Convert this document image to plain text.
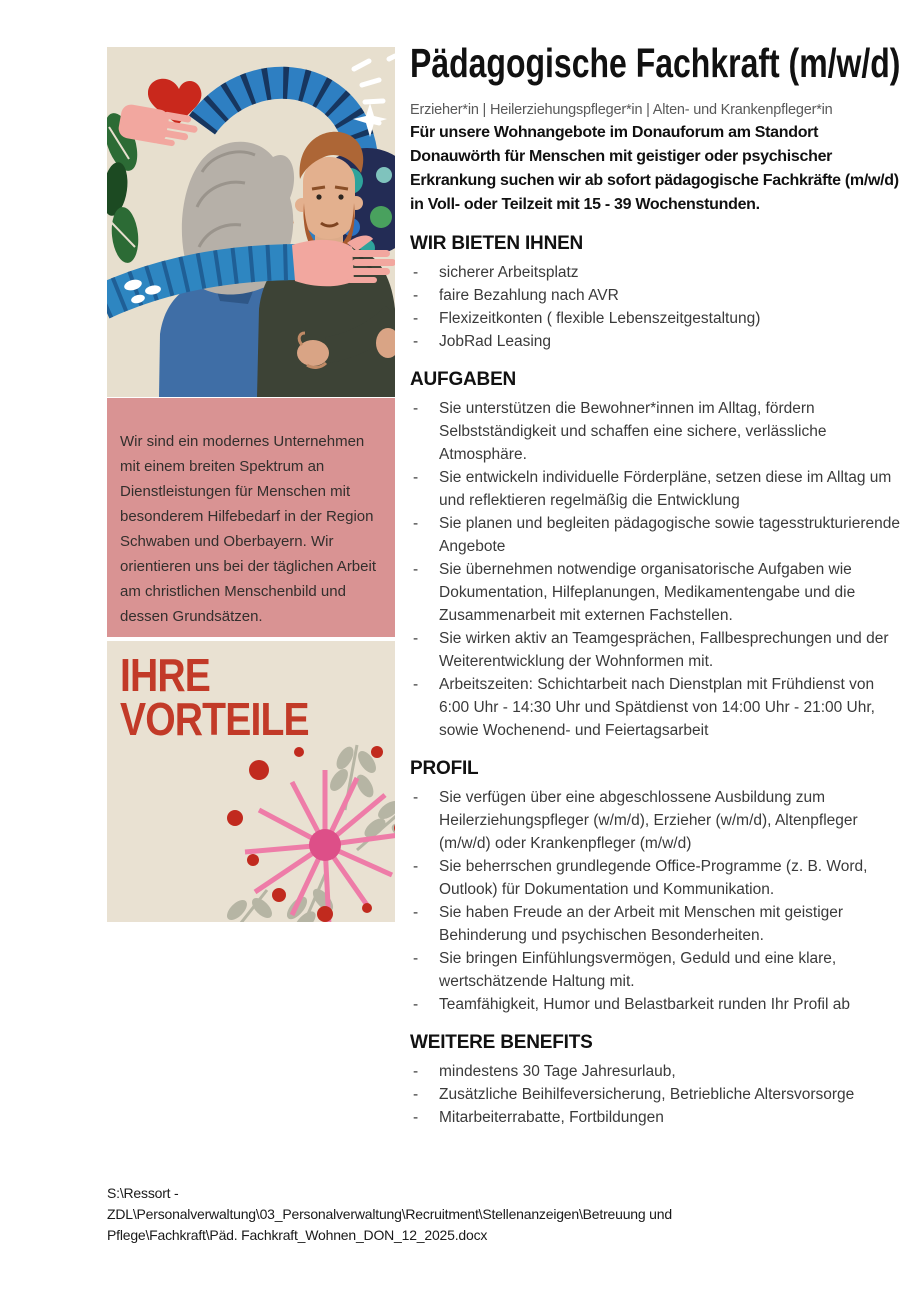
Wir sind ein modernes Unternehmen mit einem breiten Spektrum an Dienstleistungen für Menschen mit besonderem Hilfebedarf in der Region Schwaben und Oberbayern. Wir orientieren uns bei der täglichen Arbeit am christlichen Menschenbild und dessen Grundsätzen.

IHRE VORTEILE
Pädagogische Fachkraft (m/w/d)
Erzieher*in | Heilerziehungspfleger*in | Alten- und Krankenpfleger*in

Für unsere Wohnangebote im Donauforum am Standort Donauwörth für Menschen mit geistiger oder psychischer Erkrankung suchen wir ab sofort pädagogische Fachkräfte (m/w/d) in Voll- oder Teilzeit mit 15 - 39 Wochenstunden.

WIR BIETEN IHNEN
-	sicherer Arbeitsplatz
-	faire Bezahlung nach AVR
-	Flexizeitkonten ( flexible Lebenszeitgestaltung)
-	JobRad Leasing
AUFGABEN
-	Sie unterstützen die Bewohner*innen im Alltag, fördern Selbstständigkeit und schaffen eine sichere, verlässliche Atmosphäre.
-	Sie entwickeln individuelle Förderpläne, setzen diese im Alltag um und reflektieren regelmäßig die Entwicklung
-	Sie planen und begleiten pädagogische sowie tagesstrukturierende Angebote
-	Sie übernehmen notwendige organisatorische Aufgaben wie Dokumentation, Hilfeplanungen, Medikamentengabe und die Zusammenarbeit mit externen Fachstellen.
-	Sie wirken aktiv an Teamgesprächen, Fallbesprechungen und der Weiterentwicklung der Wohnformen mit.
-	Arbeitszeiten: Schichtarbeit nach Dienstplan mit Frühdienst von 6:00 Uhr - 14:30 Uhr und Spätdienst von 14:00 Uhr - 21:00 Uhr, sowie Wochenend- und Feiertagsarbeit
PROFIL
-	Sie verfügen über eine abgeschlossene Ausbildung zum Heilerziehungspfleger (w/m/d), Erzieher (w/m/d), Altenpfleger (m/w/d) oder Krankenpfleger (m/w/d)
-	Sie beherrschen grundlegende Office-Programme (z. B. Word, Outlook) für Dokumentation und Kommunikation.
-	Sie haben Freude an der Arbeit mit Menschen mit geistiger Behinderung und psychischen Besonderheiten.
-	Sie bringen Einfühlungsvermögen, Geduld und eine klare, wertschätzende Haltung mit.
-	Teamfähigkeit, Humor und Belastbarkeit runden Ihr Profil ab
WEITERE BENEFITS
-	mindestens 30 Tage Jahresurlaub,
-	Zusätzliche Beihilfeversicherung, Betriebliche Altersvorsorge
-	Mitarbeiterrabatte, Fortbildungen
S:\Ressort -
ZDL\Personalverwaltung\03_Personalverwaltung\Recruitment\Stellenanzeigen\Betreuung und
Pflege\Fachkraft\Päd. Fachkraft_Wohnen_DON_12_2025.docx
